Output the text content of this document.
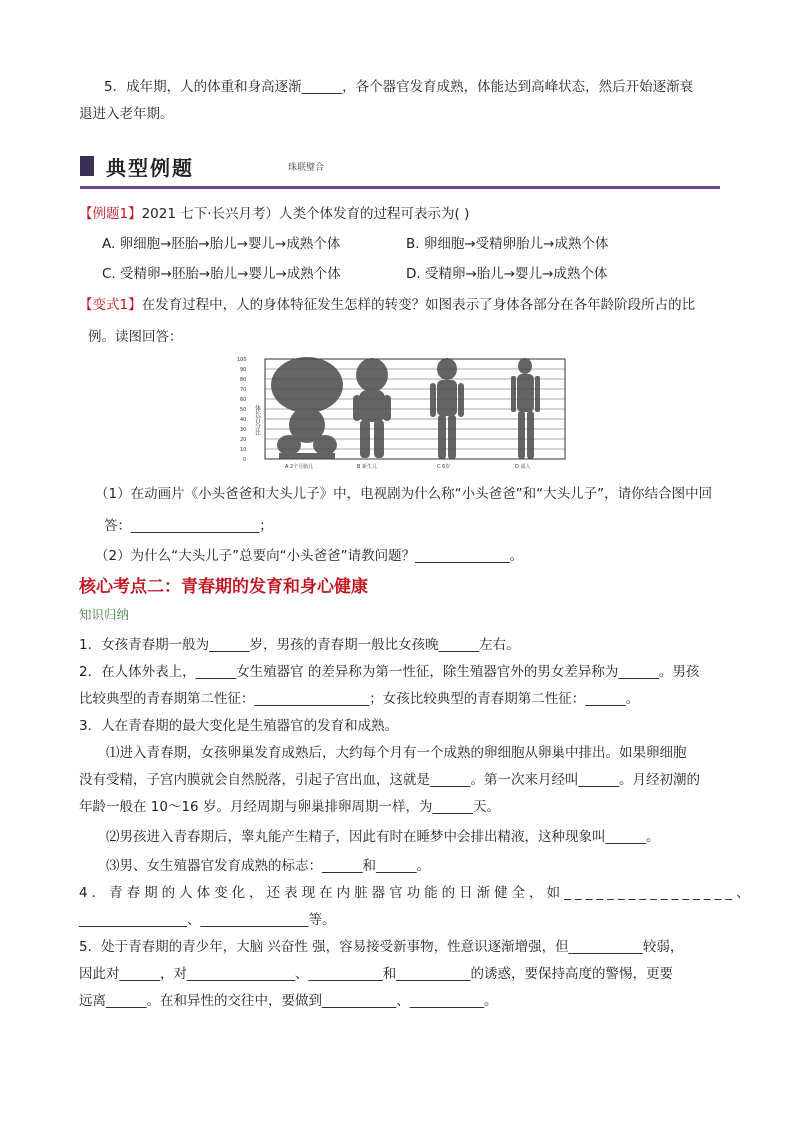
5．成年期，人的体重和身高逐渐______，各个器官发育成熟，体能达到高峰状态，然后开始逐渐衰
退进入老年期。
典型例题	珠联璧合
【例题1】2021 七下·长兴月考）人类个体发育的过程可表示为( )
A. 卵细胞→胚胎→胎儿→婴儿→成熟个体	B. 卵细胞→受精卵胎儿→成熟个体
C. 受精卵→胚胎→胎儿→婴儿→成熟个体	D. 受精卵→胎儿→婴儿→成熟个体
【变式1】在发育过程中，人的身体特征发生怎样的转变？如图表示了身体各部分在各年龄阶段所占的比
例。读图回答：
100
90
80
70
60
50
40
30
20
10
0
体长百分比
A 2个月胎儿	B 新生儿	C 6岁	D 成人
（1）在动画片《小头爸爸和大头儿子》中，电视剧为什么称“小头爸爸”和“大头儿子”，请你结合图中回
答：___________________；
（2）为什么“大头儿子”总要向“小头爸爸”请教问题？______________。
核心考点二：青春期的发育和身心健康
知识归纳
1．女孩青春期一般为______岁，男孩的青春期一般比女孩晚______左右。
2．在人体外表上，______女生殖器官 的差异称为第一性征，除生殖器官外的男女差异称为______。男孩
比较典型的青春期第二性征：_________________；女孩比较典型的青春期第二性征：______。
3．人在青春期的最大变化是生殖器官的发育和成熟。
⑴进入青春期，女孩卵巢发育成熟后，大约每个月有一个成熟的卵细胞从卵巢中排出。如果卵细胞
没有受精，子宫内膜就会自然脱落，引起子宫出血，这就是______。第一次来月经叫______。月经初潮的
年龄一般在 10～16 岁。月经周期与卵巢排卵周期一样，为______天。
⑵男孩进入青春期后，睾丸能产生精子，因此有时在睡梦中会排出精液，这种现象叫______。
⑶男、女生殖器官发育成熟的标志：______和______。
4．青春期的人体变化，还表现在内脏器官功能的日渐健全，如________________、
________________、________________等。
5．处于青春期的青少年，大脑 兴奋性 强，容易接受新事物，性意识逐渐增强，但___________较弱，
因此对______，对________________、___________和___________的诱惑，要保持高度的警惕，更要
远离______。在和异性的交往中，要做到___________、___________。
